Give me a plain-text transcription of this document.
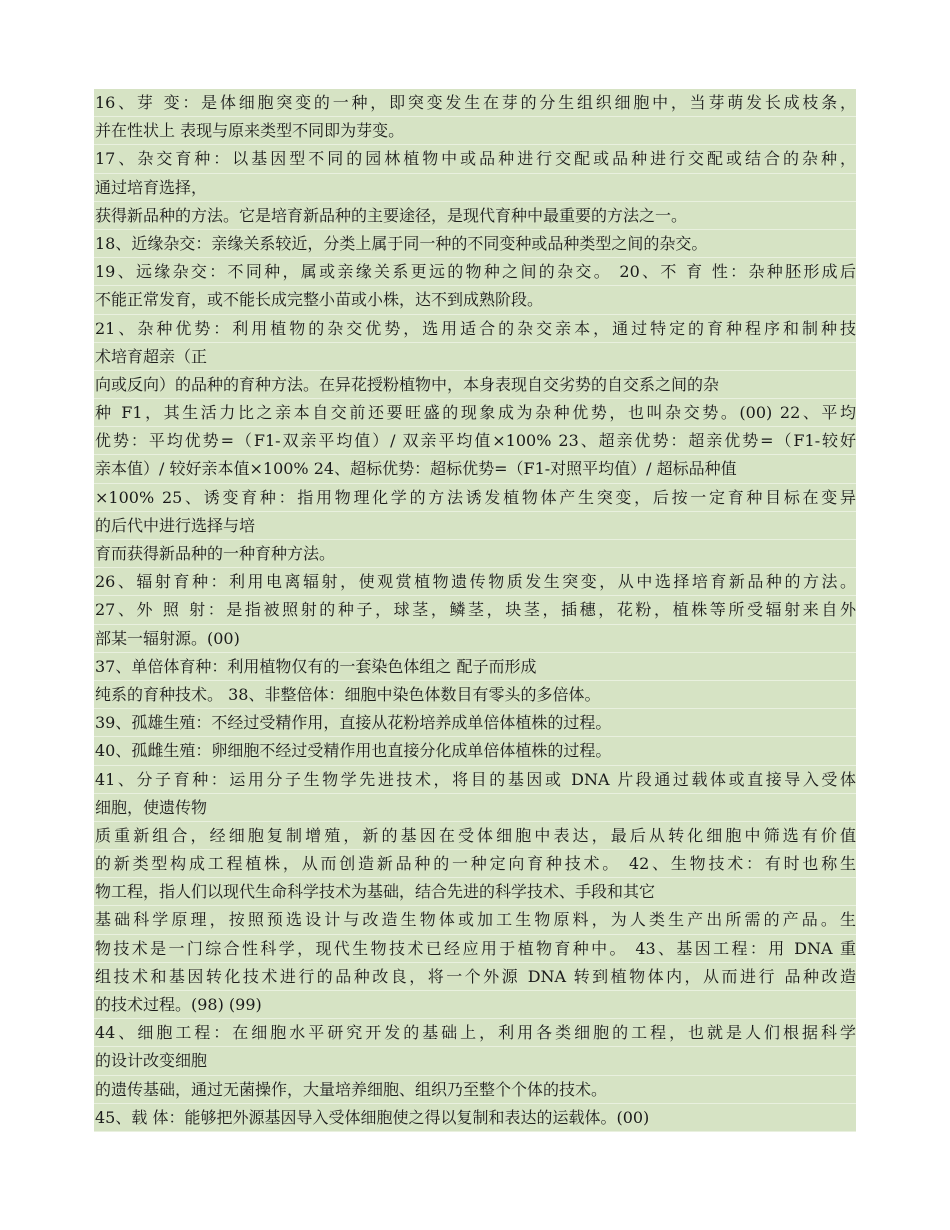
16、芽 变：是体细胞突变的一种，即突变发生在芽的分生组织细胞中，当芽萌发长成枝条，
并在性状上 表现与原来类型不同即为芽变。
17、杂交育种：以基因型不同的园林植物中或品种进行交配或品种进行交配或结合的杂种，
通过培育选择，
获得新品种的方法。它是培育新品种的主要途径，是现代育种中最重要的方法之一。
18、近缘杂交：亲缘关系较近，分类上属于同一种的不同变种或品种类型之间的杂交。
19、远缘杂交：不同种，属或亲缘关系更远的物种之间的杂交。 20、不 育 性：杂种胚形成后
不能正常发育，或不能长成完整小苗或小株，达不到成熟阶段。
21、杂种优势：利用植物的杂交优势，选用适合的杂交亲本，通过特定的育种程序和制种技
术培育超亲（正
向或反向）的品种的育种方法。在异花授粉植物中，本身表现自交劣势的自交系之间的杂
种 F1，其生活力比之亲本自交前还要旺盛的现象成为杂种优势，也叫杂交势。(00) 22、平均
优势：平均优势=（F1-双亲平均值）/ 双亲平均值×100% 23、超亲优势：超亲优势=（F1-较好
亲本值）/ 较好亲本值×100% 24、超标优势：超标优势=（F1-对照平均值）/ 超标品种值
×100% 25、诱变育种：指用物理化学的方法诱发植物体产生突变，后按一定育种目标在变异
的后代中进行选择与培
育而获得新品种的一种育种方法。
26、辐射育种：利用电离辐射，使观赏植物遗传物质发生突变，从中选择培育新品种的方法。
27、外 照 射：是指被照射的种子，球茎，鳞茎，块茎，插穗，花粉，植株等所受辐射来自外
部某一辐射源。(00)
37、单倍体育种：利用植物仅有的一套染色体组之 配子而形成
纯系的育种技术。 38、非整倍体：细胞中染色体数目有零头的多倍体。
39、孤雄生殖：不经过受精作用，直接从花粉培养成单倍体植株的过程。
40、孤雌生殖：卵细胞不经过受精作用也直接分化成单倍体植株的过程。
41、分子育种：运用分子生物学先进技术，将目的基因或 DNA 片段通过载体或直接导入受体
细胞，使遗传物
质重新组合，经细胞复制增殖，新的基因在受体细胞中表达，最后从转化细胞中筛选有价值
的新类型构成工程植株，从而创造新品种的一种定向育种技术。 42、生物技术：有时也称生
物工程，指人们以现代生命科学技术为基础，结合先进的科学技术、手段和其它
基础科学原理，按照预选设计与改造生物体或加工生物原料，为人类生产出所需的产品。生
物技术是一门综合性科学，现代生物技术已经应用于植物育种中。 43、基因工程：用 DNA 重
组技术和基因转化技术进行的品种改良，将一个外源 DNA 转到植物体内，从而进行 品种改造
的技术过程。(98) (99)
44、细胞工程：在细胞水平研究开发的基础上，利用各类细胞的工程，也就是人们根据科学
的设计改变细胞
的遗传基础，通过无菌操作，大量培养细胞、组织乃至整个个体的技术。
45、载 体：能够把外源基因导入受体细胞使之得以复制和表达的运载体。(00)
